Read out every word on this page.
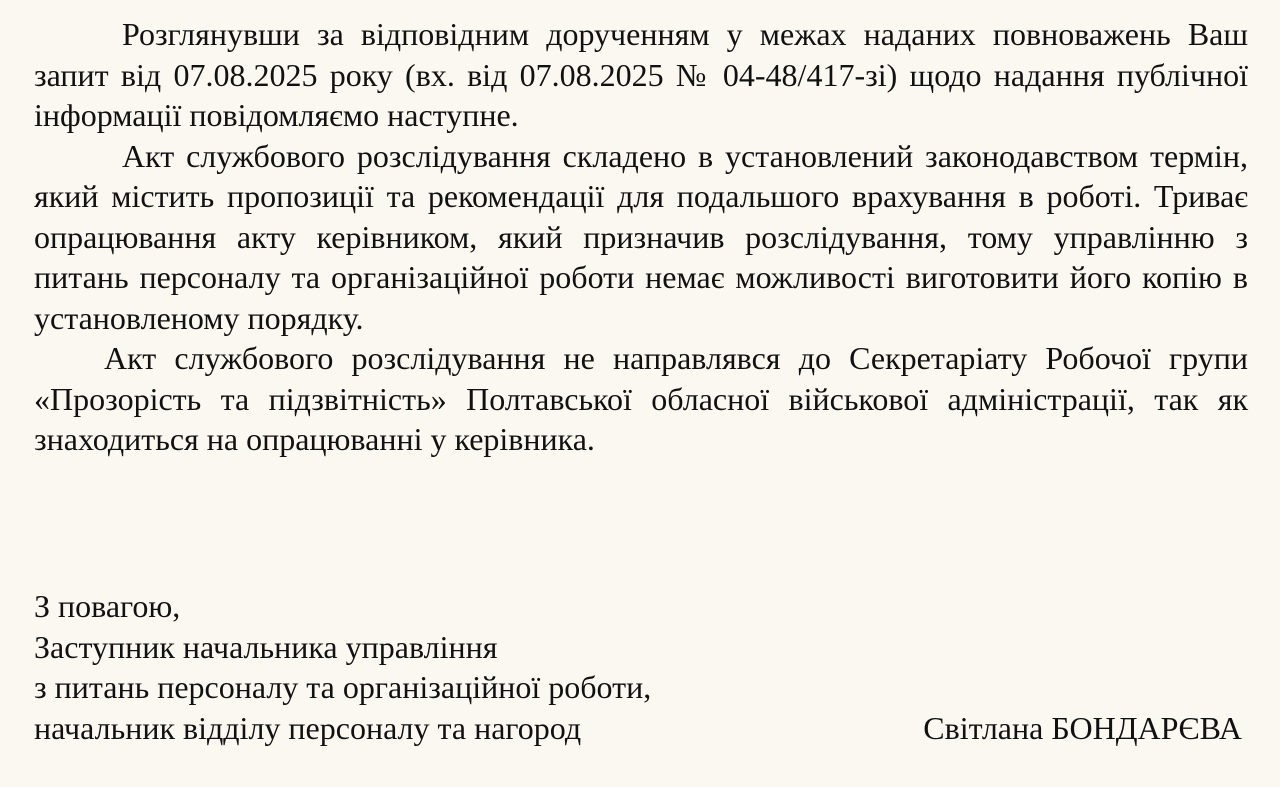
Розглянувши за відповідним дорученням у межах наданих повноважень Ваш запит від 07.08.2025 року (вх. від 07.08.2025 № 04-48/417-зі) щодо надання публічної інформації повідомляємо наступне.

Акт службового розслідування складено в установлений законодавством термін, який містить пропозиції та рекомендації для подальшого врахування в роботі. Триває опрацювання акту керівником, який призначив розслідування, тому управлінню з питань персоналу та організаційної роботи немає можливості виготовити його копію в установленому порядку.

Акт службового розслідування не направлявся до Секретаріату Робочої групи «Прозорість та підзвітність» Полтавської обласної військової адміністрації, так як знаходиться на опрацюванні у керівника.

З повагою,
Заступник начальника управління
з питань персоналу та організаційної роботи,
начальник відділу персоналу та нагород	Світлана БОНДАРЄВА
